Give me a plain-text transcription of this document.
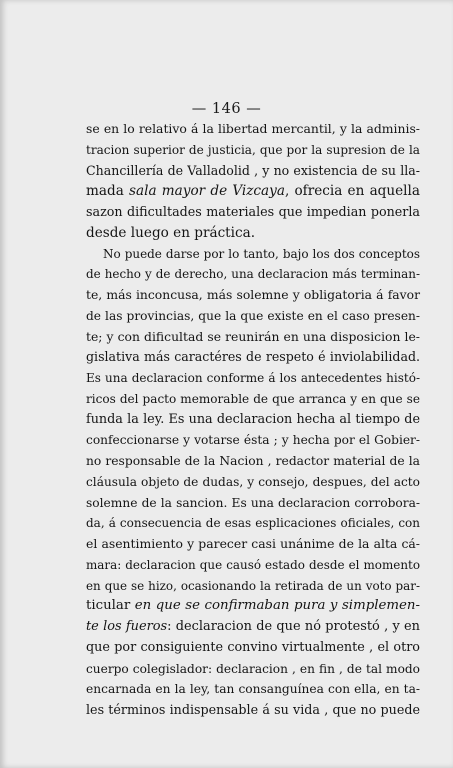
— 146 —
se en lo relativo á la libertad mercantil, y la adminis-
tracion superior de justicia, que por la supresion de la
Chancillería de Valladolid , y no existencia de su lla-
mada sala mayor de Vizcaya, ofrecia en aquella
sazon dificultades materiales que impedian ponerla
desde luego en práctica.
No puede darse por lo tanto, bajo los dos conceptos
de hecho y de derecho, una declaracion más terminan-
te, más inconcusa, más solemne y obligatoria á favor
de las provincias, que la que existe en el caso presen-
te; y con dificultad se reunirán en una disposicion le-
gislativa más caractéres de respeto é inviolabilidad.
Es una declaracion conforme á los antecedentes histó-
ricos del pacto memorable de que arranca y en que se
funda la ley. Es una declaracion hecha al tiempo de
confeccionarse y votarse ésta ; y hecha por el Gobier-
no responsable de la Nacion , redactor material de la
cláusula objeto de dudas, y consejo, despues, del acto
solemne de la sancion. Es una declaracion corrobora-
da, á consecuencia de esas esplicaciones oficiales, con
el asentimiento y parecer casi unánime de la alta cá-
mara: declaracion que causó estado desde el momento
en que se hizo, ocasionando la retirada de un voto par-
ticular en que se confirmaban pura y simplemen-
te los fueros: declaracion de que nó protestó , y en
que por consiguiente convino virtualmente , el otro
cuerpo colegislador: declaracion , en fin , de tal modo
encarnada en la ley, tan consanguínea con ella, en ta-
les términos indispensable á su vida , que no puede
